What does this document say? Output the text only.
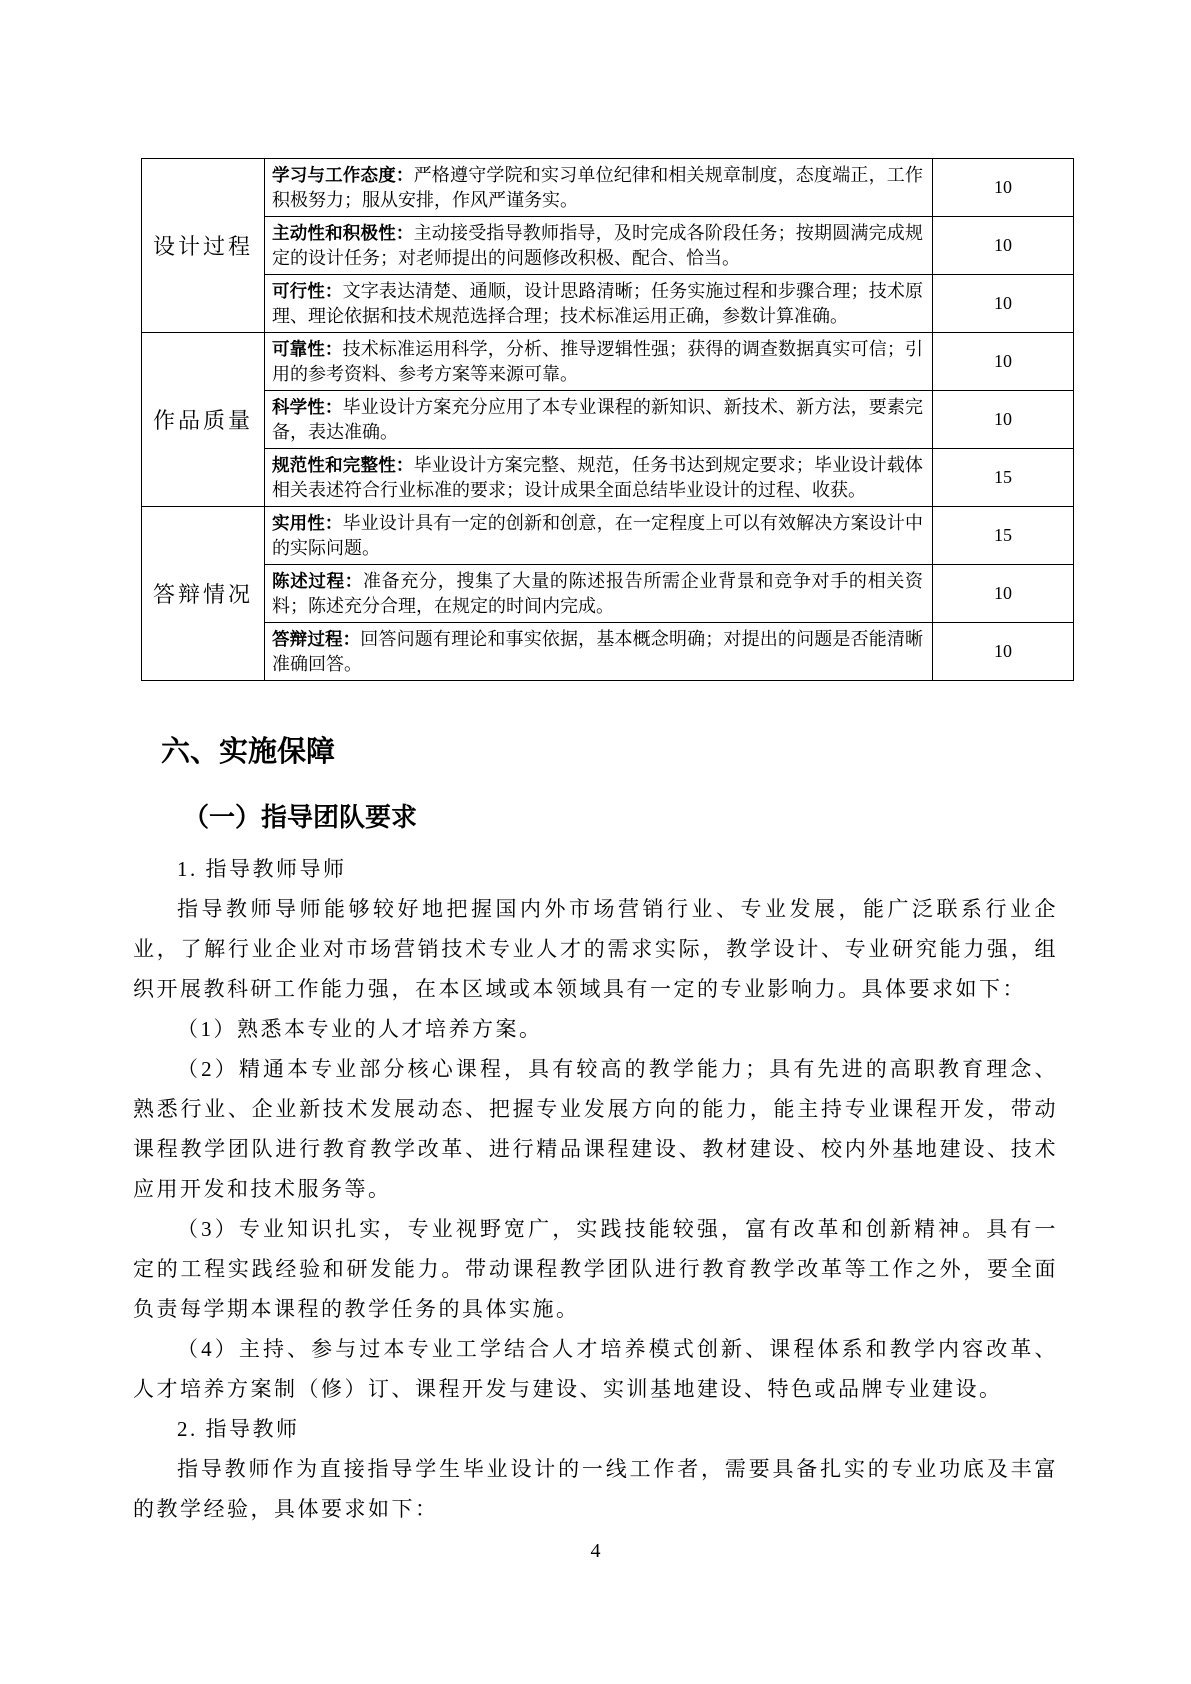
设计过程	学习与工作态度：严格遵守学院和实习单位纪律和相关规章制度，态度端正，工作积极努力；服从安排，作风严谨务实。	10
	主动性和积极性：主动接受指导教师指导，及时完成各阶段任务；按期圆满完成规定的设计任务；对老师提出的问题修改积极、配合、恰当。	10
	可行性：文字表达清楚、通顺，设计思路清晰；任务实施过程和步骤合理；技术原理、理论依据和技术规范选择合理；技术标准运用正确，参数计算准确。	10
作品质量	可靠性：技术标准运用科学，分析、推导逻辑性强；获得的调查数据真实可信；引用的参考资料、参考方案等来源可靠。	10
	科学性：毕业设计方案充分应用了本专业课程的新知识、新技术、新方法，要素完备，表达准确。	10
	规范性和完整性：毕业设计方案完整、规范，任务书达到规定要求；毕业设计载体相关表述符合行业标准的要求；设计成果全面总结毕业设计的过程、收获。	15
答辩情况	实用性：毕业设计具有一定的创新和创意，在一定程度上可以有效解决方案设计中的实际问题。	15
	陈述过程：准备充分，搜集了大量的陈述报告所需企业背景和竞争对手的相关资料；陈述充分合理，在规定的时间内完成。	10
	答辩过程：回答问题有理论和事实依据，基本概念明确；对提出的问题是否能清晰准确回答。	10
六、实施保障
（一）指导团队要求

1. 指导教师导师

指导教师导师能够较好地把握国内外市场营销行业、专业发展，能广泛联系行业企业，了解行业企业对市场营销技术专业人才的需求实际，教学设计、专业研究能力强，组织开展教科研工作能力强，在本区域或本领域具有一定的专业影响力。具体要求如下：

（1）熟悉本专业的人才培养方案。

（2）精通本专业部分核心课程，具有较高的教学能力；具有先进的高职教育理念、熟悉行业、企业新技术发展动态、把握专业发展方向的能力，能主持专业课程开发，带动课程教学团队进行教育教学改革、进行精品课程建设、教材建设、校内外基地建设、技术应用开发和技术服务等。

（3）专业知识扎实，专业视野宽广，实践技能较强，富有改革和创新精神。具有一定的工程实践经验和研发能力。带动课程教学团队进行教育教学改革等工作之外，要全面负责每学期本课程的教学任务的具体实施。

（4）主持、参与过本专业工学结合人才培养模式创新、课程体系和教学内容改革、人才培养方案制（修）订、课程开发与建设、实训基地建设、特色或品牌专业建设。

2. 指导教师

指导教师作为直接指导学生毕业设计的一线工作者，需要具备扎实的专业功底及丰富的教学经验，具体要求如下：

4
